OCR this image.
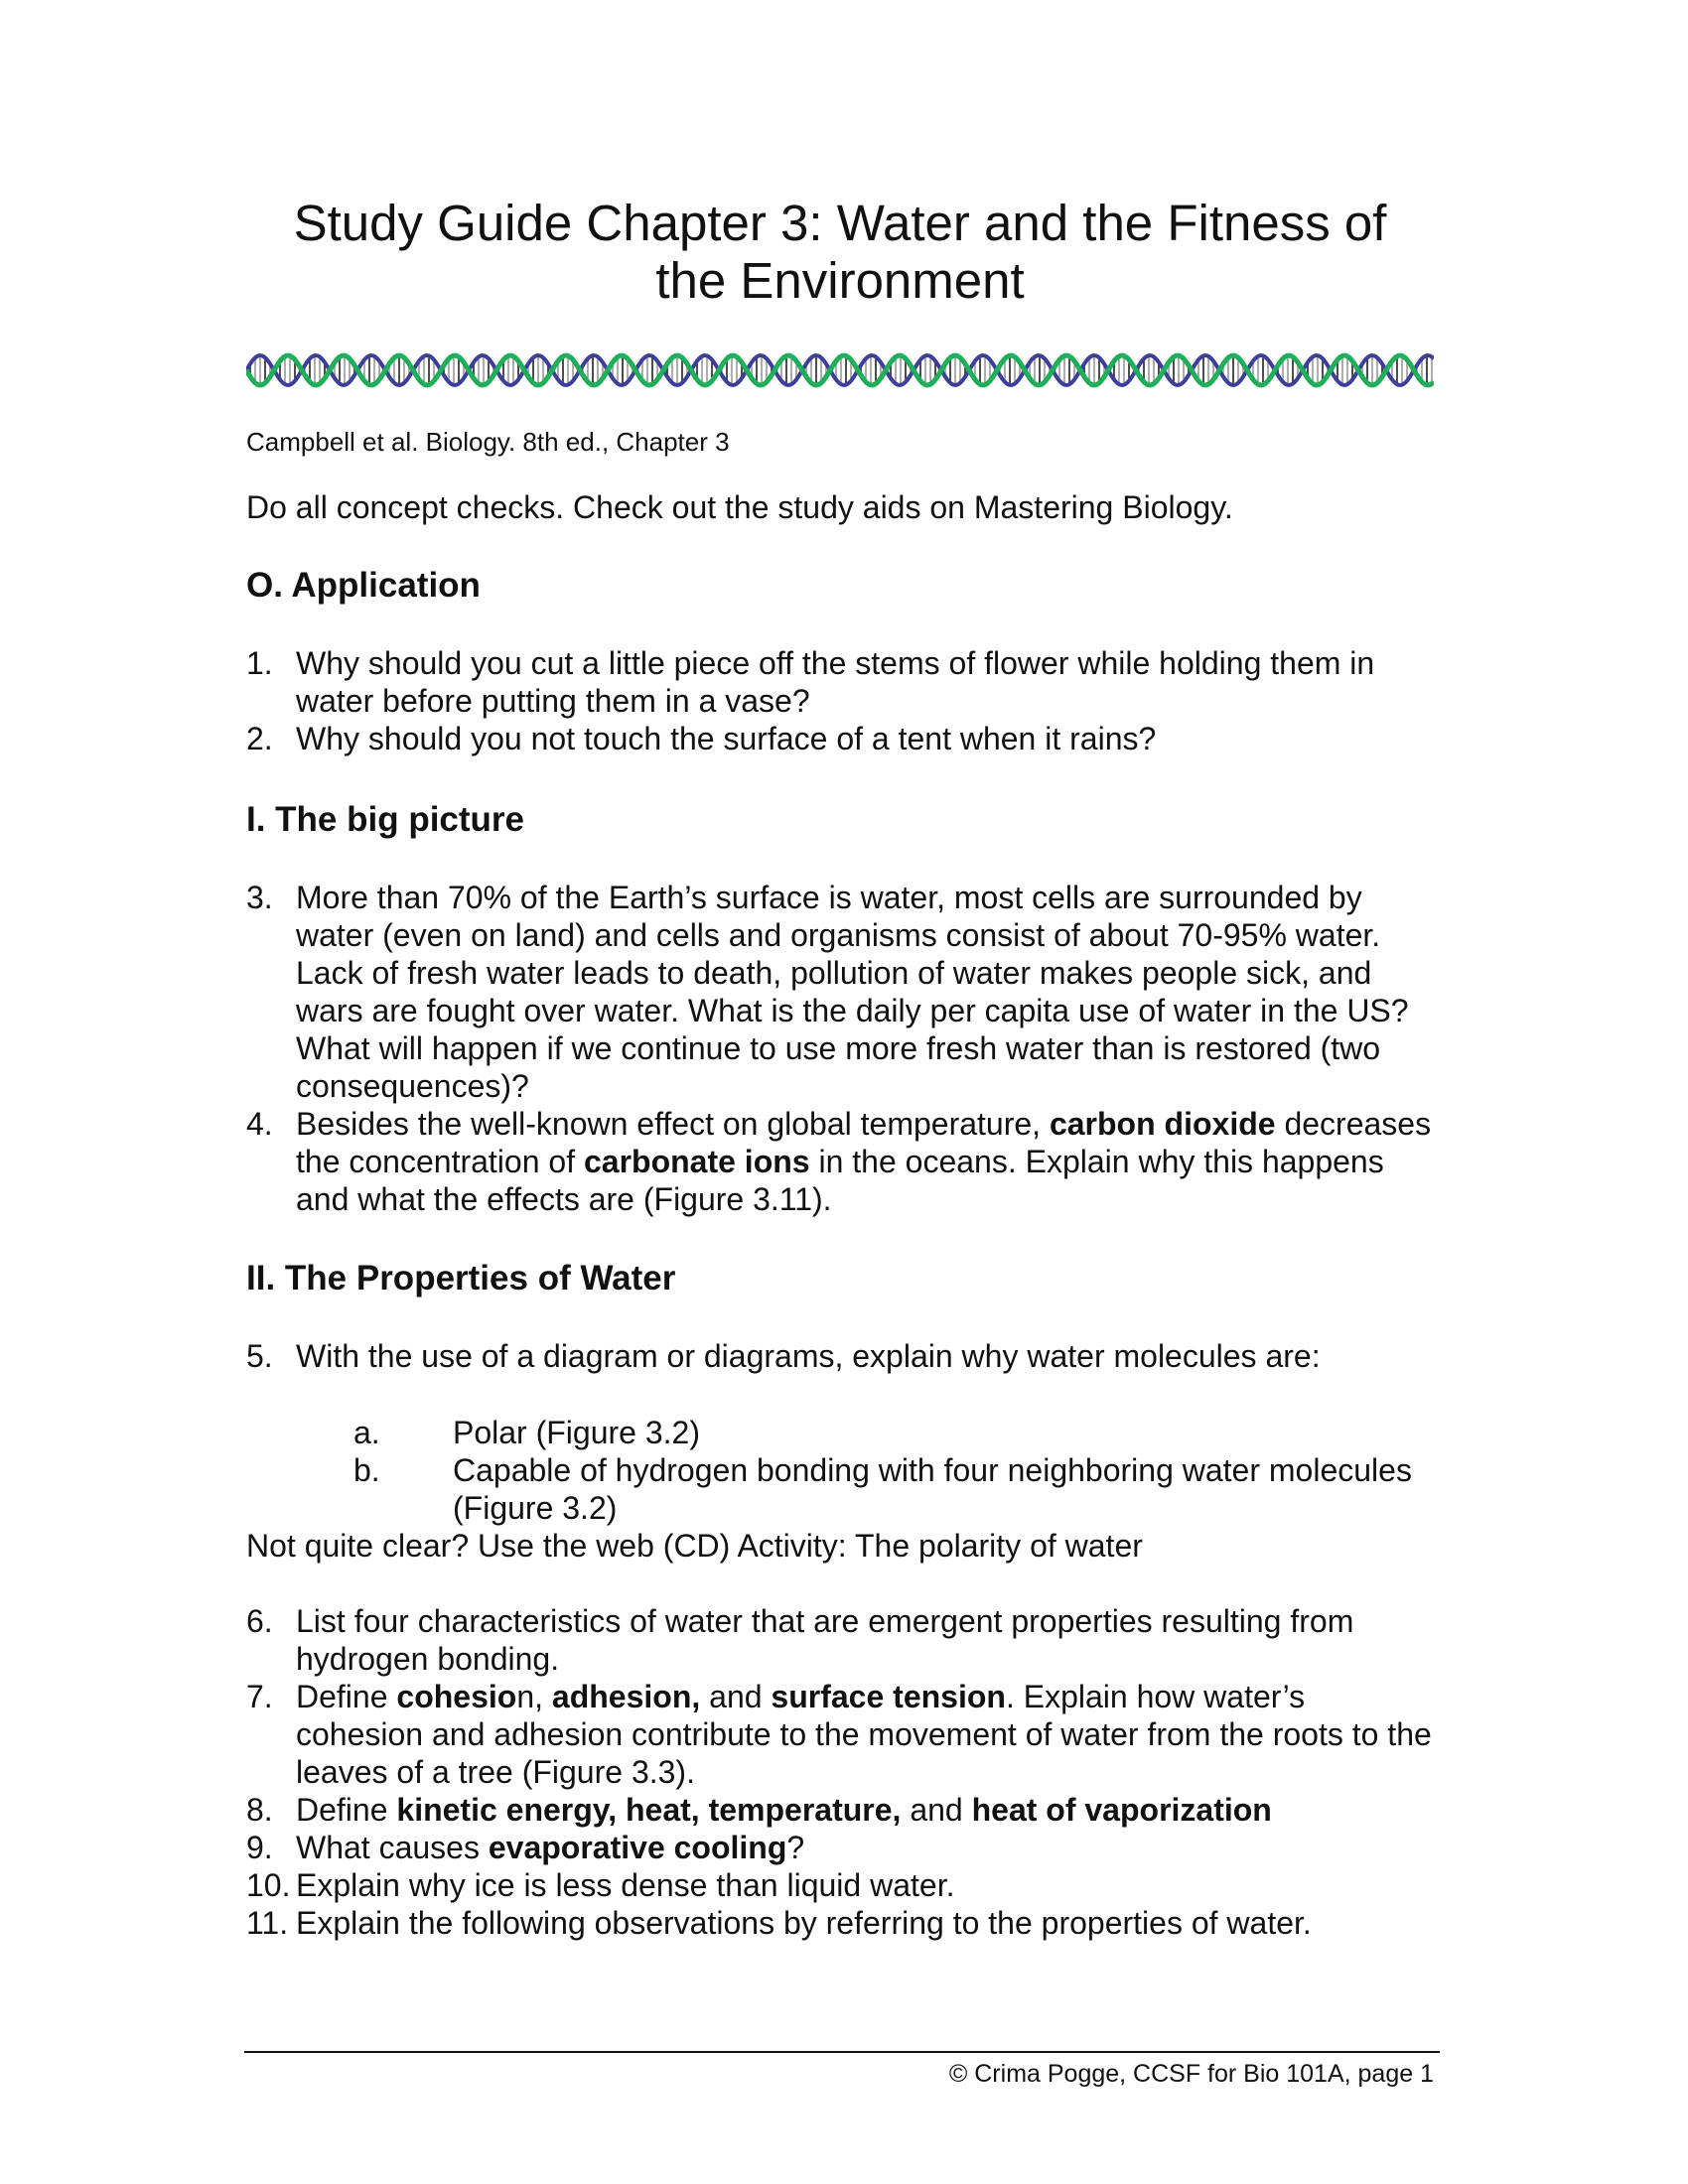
Study Guide Chapter 3: Water and the Fitness of
the Environment

Campbell et al. Biology. 8th ed., Chapter 3

Do all concept checks. Check out the study aids on Mastering Biology.

O. Application
1. Why should you cut a little piece off the stems of flower while holding them in water before putting them in a vase?
2. Why should you not touch the surface of a tent when it rains?
I. The big picture
3. More than 70% of the Earth’s surface is water, most cells are surrounded by water (even on land) and cells and organisms consist of about 70-95% water. Lack of fresh water leads to death, pollution of water makes people sick, and wars are fought over water. What is the daily per capita use of water in the US? What will happen if we continue to use more fresh water than is restored (two consequences)?
4. Besides the well-known effect on global temperature, carbon dioxide decreases the concentration of carbonate ions in the oceans. Explain why this happens and what the effects are (Figure 3.11).
II. The Properties of Water
5. With the use of a diagram or diagrams, explain why water molecules are:
a. Polar (Figure 3.2)
b. Capable of hydrogen bonding with four neighboring water molecules (Figure 3.2)

Not quite clear? Use the web (CD) Activity: The polarity of water

6. List four characteristics of water that are emergent properties resulting from hydrogen bonding.
7. Define cohesion, adhesion, and surface tension. Explain how water’s cohesion and adhesion contribute to the movement of water from the roots to the leaves of a tree (Figure 3.3).
8. Define kinetic energy, heat, temperature, and heat of vaporization
9. What causes evaporative cooling?
10. Explain why ice is less dense than liquid water.
11. Explain the following observations by referring to the properties of water.

© Crima Pogge, CCSF for Bio 101A, page 1
